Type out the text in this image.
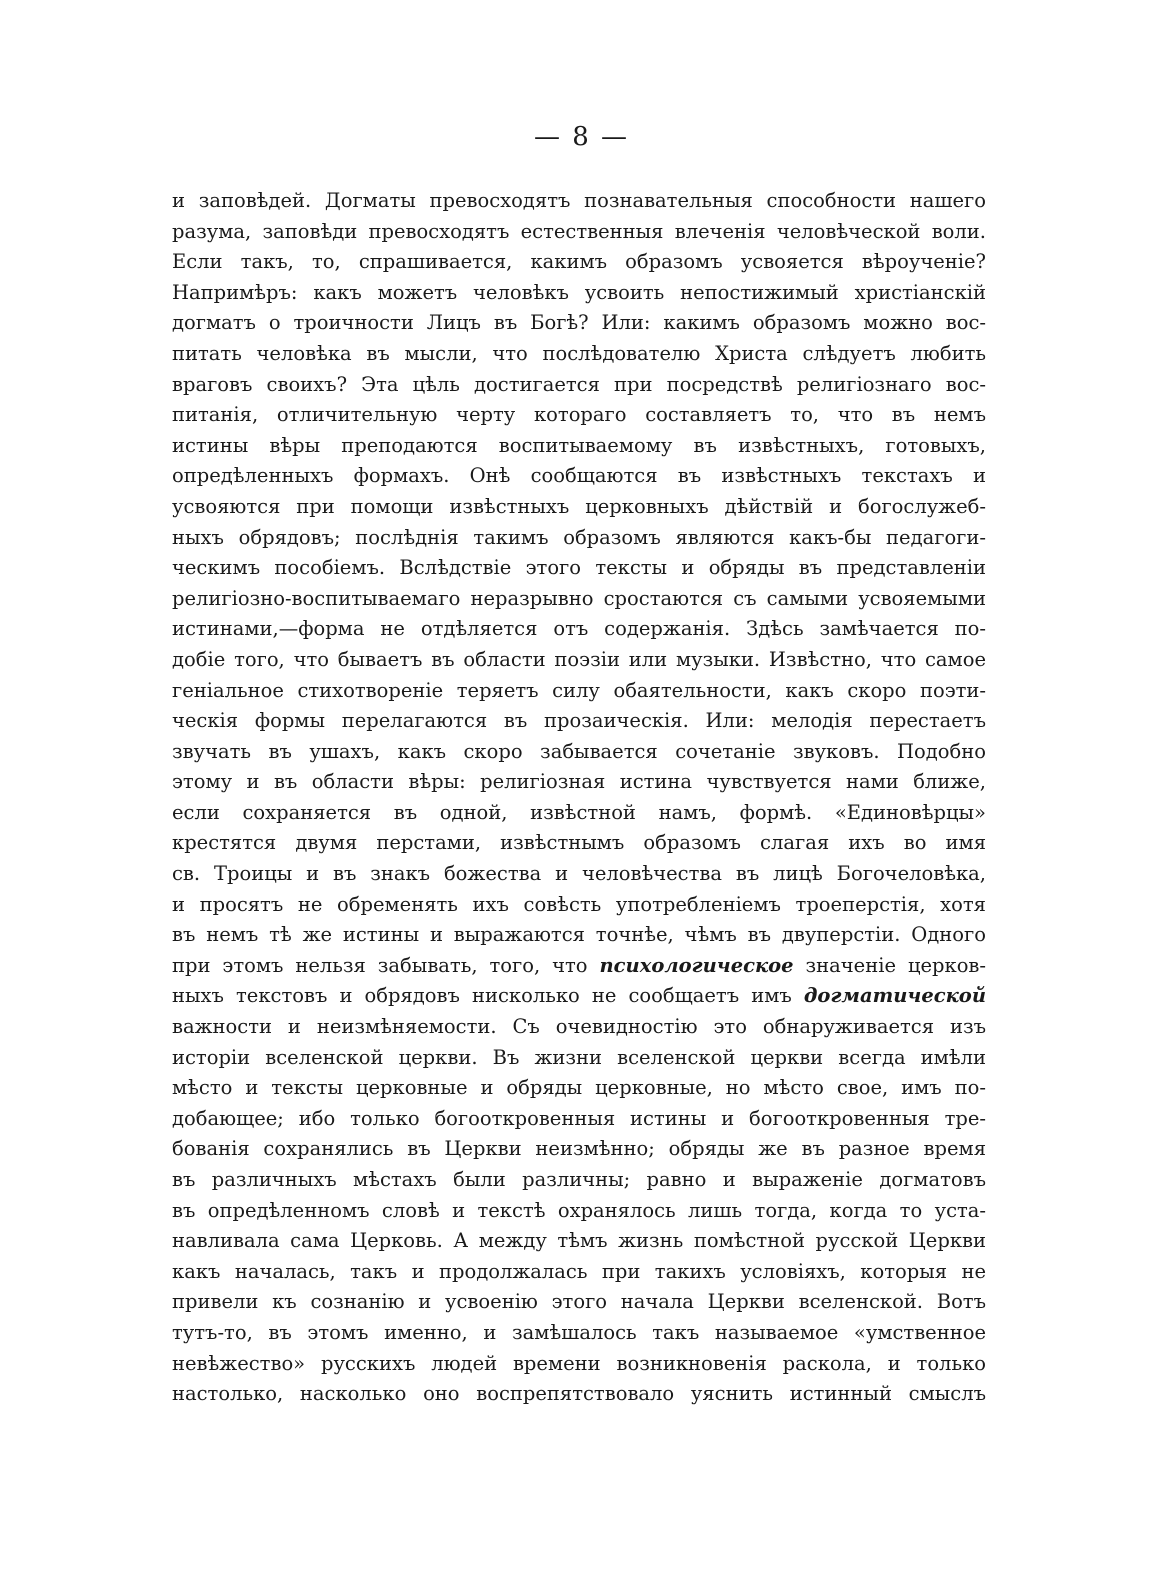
— 8 —
и заповѣдей. Догматы превосходятъ познавательныя способности нашего
разума, заповѣди превосходятъ естественныя влеченія человѣческой воли.
Если такъ, то, спрашивается, какимъ образомъ усвояется вѣроученіе?
Напримѣръ: какъ можетъ человѣкъ усвоить непостижимый христіанскій
догматъ о троичности Лицъ въ Богѣ? Или: какимъ образомъ можно вос-
питать человѣка въ мысли, что послѣдователю Христа слѣдуетъ любить
враговъ своихъ? Эта цѣль достигается при посредствѣ религіознаго вос-
питанія, отличительную черту котораго составляетъ то, что въ немъ
истины вѣры преподаются воспитываемому въ извѣстныхъ, готовыхъ,
опредѣленныхъ формахъ. Онѣ сообщаются въ извѣстныхъ текстахъ и
усвояются при помощи извѣстныхъ церковныхъ дѣйствій и богослужеб-
ныхъ обрядовъ; послѣднія такимъ образомъ являются какъ-бы педагоги-
ческимъ пособіемъ. Вслѣдствіе этого тексты и обряды въ представленіи
религіозно-воспитываемаго неразрывно сростаются съ самыми усвояемыми
истинами,—форма не отдѣляется отъ содержанія. Здѣсь замѣчается по-
добіе того, что бываетъ въ области поэзіи или музыки. Извѣстно, что самое
геніальное стихотвореніе теряетъ силу обаятельности, какъ скоро поэти-
ческія формы перелагаются въ прозаическія. Или: мелодія перестаетъ
звучать въ ушахъ, какъ скоро забывается сочетаніе звуковъ. Подобно
этому и въ области вѣры: религіозная истина чувствуется нами ближе,
если сохраняется въ одной, извѣстной намъ, формѣ. «Единовѣрцы»
крестятся двумя перстами, извѣстнымъ образомъ слагая ихъ во имя
св. Троицы и въ знакъ божества и человѣчества въ лицѣ Богочеловѣка,
и просятъ не обременять ихъ совѣсть употребленіемъ троеперстія, хотя
въ немъ тѣ же истины и выражаются точнѣе, чѣмъ въ двуперстіи. Одного
при этомъ нельзя забывать, того, что психологическое значеніе церков-
ныхъ текстовъ и обрядовъ нисколько не сообщаетъ имъ догматической
важности и неизмѣняемости. Съ очевидностію это обнаруживается изъ
исторіи вселенской церкви. Въ жизни вселенской церкви всегда имѣли
мѣсто и тексты церковные и обряды церковные, но мѣсто свое, имъ по-
добающее; ибо только богооткровенныя истины и богооткровенныя тре-
бованія сохранялись въ Церкви неизмѣнно; обряды же въ разное время
въ различныхъ мѣстахъ были различны; равно и выраженіе догматовъ
въ опредѣленномъ словѣ и текстѣ охранялось лишь тогда, когда то уста-
навливала сама Церковь. А между тѣмъ жизнь помѣстной русской Церкви
какъ началась, такъ и продолжалась при такихъ условіяхъ, которыя не
привели къ сознанію и усвоенію этого начала Церкви вселенской. Вотъ
тутъ-то, въ этомъ именно, и замѣшалось такъ называемое «умственное
невѣжество» русскихъ людей времени возникновенія раскола, и только
настолько, насколько оно воспрепятствовало уяснить истинный смыслъ
